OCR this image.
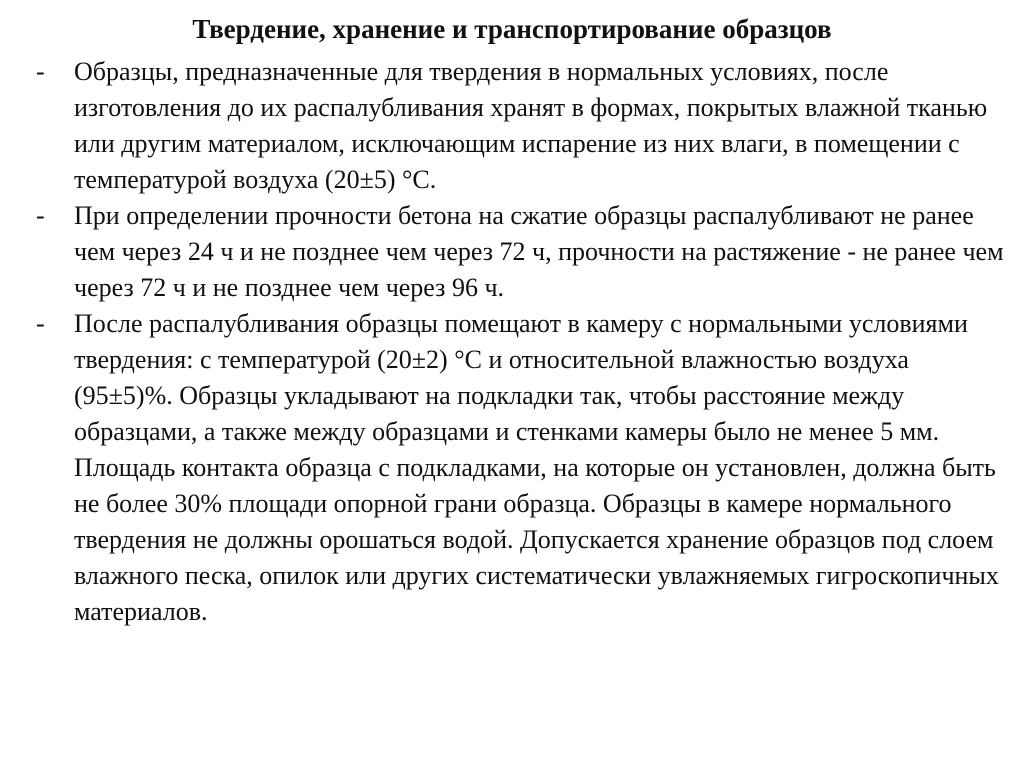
Твердение, хранение и транспортирование образцов
-	Образцы, предназначенные для твердения в нормальных условиях, после изготовления до их распалубливания хранят в формах, покрытых влажной тканью или другим материалом, исключающим испарение из них влаги, в помещении с температурой воздуха (20±5) °С.
-	При определении прочности бетона на сжатие образцы распалубливают не ранее чем через 24 ч и не позднее чем через 72 ч, прочности на растяжение - не ранее чем через 72 ч и не позднее чем через 96 ч.
-	После распалубливания образцы помещают в камеру с нормальными условиями твердения: с температурой (20±2) °С и относительной влажностью воздуха (95±5)%. Образцы укладывают на подкладки так, чтобы расстояние между образцами, а также между образцами и стенками камеры было не менее 5 мм. Площадь контакта образца с подкладками, на которые он установлен, должна быть не более 30% площади опорной грани образца. Образцы в камере нормального твердения не должны орошаться водой. Допускается хранение образцов под слоем влажного песка, опилок или других систематически увлажняемых гигроскопичных материалов.
